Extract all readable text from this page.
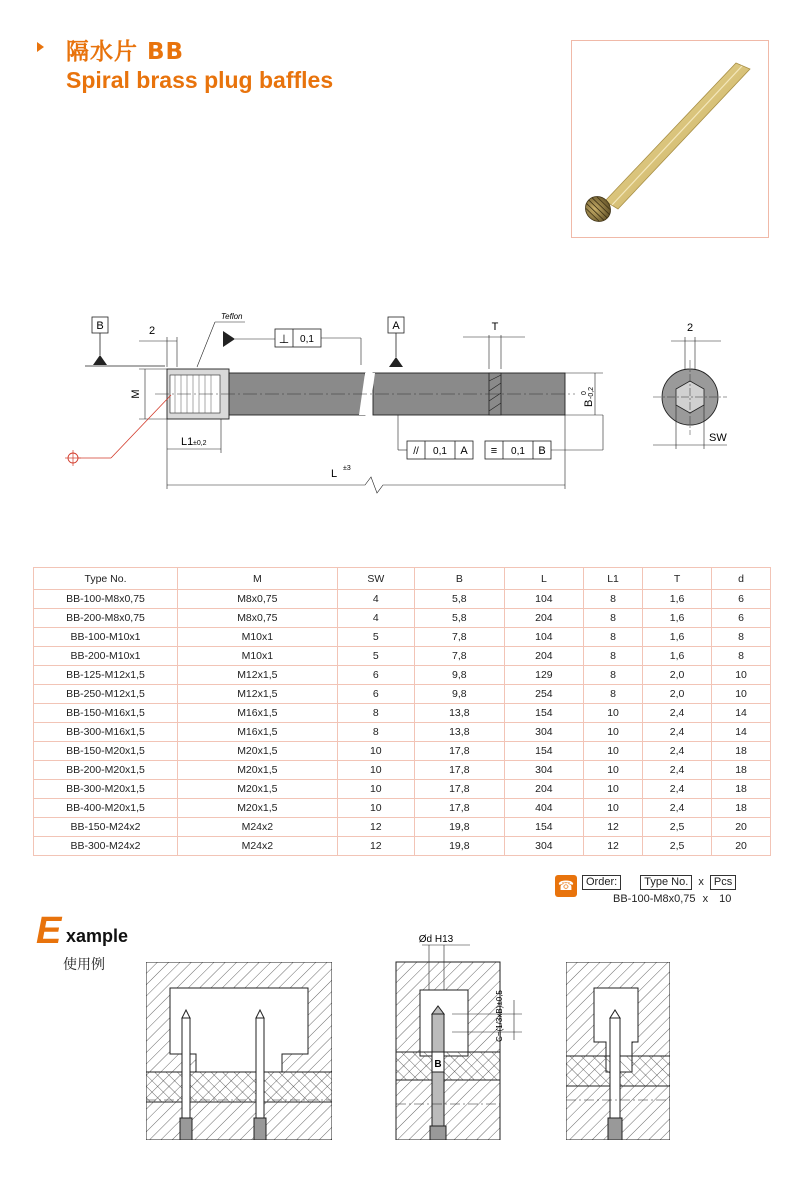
隔水片 BB
Spiral brass plug baffles
B	2
Teflon
⊥ 0,1
A	T
M
L1 ±0,2
// 0,1 A ≡ 0,1 B
B
0 -0,2
L ±3
2
SW
Type No.	M	SW	B	L	L1	T	d
BB-100-M8x0,75	M8x0,75	4	5,8	104	8	1,6	6
BB-200-M8x0,75	M8x0,75	4	5,8	204	8	1,6	6
BB-100-M10x1	M10x1	5	7,8	104	8	1,6	8
BB-200-M10x1	M10x1	5	7,8	204	8	1,6	8
BB-125-M12x1,5	M12x1,5	6	9,8	129	8	2,0	10
BB-250-M12x1,5	M12x1,5	6	9,8	254	8	2,0	10
BB-150-M16x1,5	M16x1,5	8	13,8	154	10	2,4	14
BB-300-M16x1,5	M16x1,5	8	13,8	304	10	2,4	14
BB-150-M20x1,5	M20x1,5	10	17,8	154	10	2,4	18
BB-200-M20x1,5	M20x1,5	10	17,8	304	10	2,4	18
BB-300-M20x1,5	M20x1,5	10	17,8	204	10	2,4	18
BB-400-M20x1,5	M20x1,5	10	17,8	404	10	2,4	18
BB-150-M24x2	M24x2	12	19,8	154	12	2,5	20
BB-300-M24x2	M24x2	12	19,8	304	12	2,5	20
☎	Order: Type No. x Pcs
BB-100-M8x0,75 x 10
E xample
使用例
Ød H13
B
C=(1/3xB)±0,5
